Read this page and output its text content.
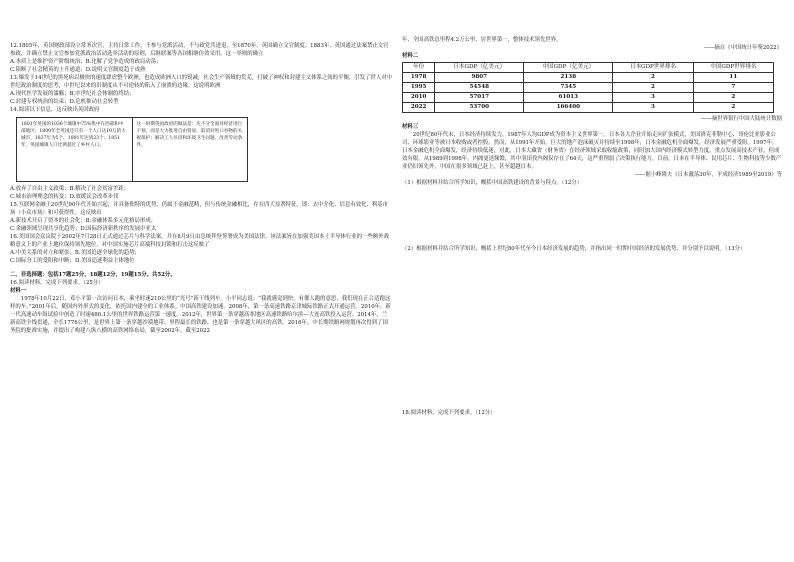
12.1805年，英国财政部设立常务次官，主持日常工作，不参与党派活动，不与政党共进退。至1870年，英国确立文官制度；1883年，英国通过法案禁止文官参政，并确立禁止文官参加党派政治活动选举活动的原则，后继联案等各国相继仿效采用。这一举则的确立

A.本质上是维护资产阶级统治；B.化解了党争造成的政局动荡；

C.阻断了社会精英的上升通道；D.说明文官制度趋于成熟

13.爆发于14世纪的黑死病以极快的速度肆虐整个欧洲，也造成欧洲人口的锐减，社会生产领域的荒芜，打破了神权和封建主义体系之间的平衡，引发了世人对中世纪政治制度的思考，中世纪以来的旧制度从不可逆转的陷入了崩溃的边缘。这说明欧洲

A.现代医学发展的滥觞；B.中世纪社会体制的终结；

C.封建专权统治的结束；D.危机推动社会转型

14.阅读以下信息，这反映出英国政府

1801年英国的1036个城镇中75%集中在西部和中部地区；1800年全英国还只有一个人口达10万的大城市，1837年为5个，1891年达到23个；1851年，英国城镇人口比例超过了乡村人口。
这一时期英国政府的做法是：先不分全面对经济进行干预，而是大力推进自由贸易，取消对进口谷物的关税保护；解决工人住房和环境卫生问题，改善劳动条件。

A.放弃了自由主义政策；B.解决了社会贫富差距；

C.城市治理理念的转变；D.放缓议会改革步伐

15.互联网金融于20世纪90年代开始兴起，并具备独特的优势，仍属于金融范畴，但与传统金融相比，存在四大显著特征，即：去中介化、信息有效化、利基市场（小众市场）和可获得性。这反映出

A.新技术开启了资本的社会化；B.金融体系多元化格局形成；

C.金融领域呈现共享化趋势；D.国际经济新秩序的发展中亚太

16.美国国会众议院于2002年7月28日正式通过芯片与科学法案，并在8月9日由总统拜登签署成为美国法律。该法案旨在加强美国本土半导体行业的一些额外战略意义上的产业上地位保持领先地位，对中国实施芯片高端科技封锁和打击这反映了

A.中美关系的对立和紧张；B.美国追逐全球化的趋势；

C.国际分工的受阻和中断；D.美国追逐利益主体地位

二、非选择题：包括17题25分，18题12分，19题15分。共52分。

16.阅读材料，完成下列要求。（25分）

材料一

1978年10月22日，邓小平第一次访问日本，乘坐时速210公里的“光号”新干线列车。小平同志说：“我就感觉到快，有催人跑的意思，我们现在正合适跑这样的车。”2001年后，随国内外形式的变化，依托国内建全的工业体系。中国高铁建设加速。2008年，第一条高速铁路京津城际铁路正式开通运营。2010年，新一代高速动车组试验中创造了时速486.1公里的世界铁路运营第一速度。2012年，世界第一条穿越高寒地区高速铁路哈尔滨—大连高铁投入运营。2014年，兰新高铁全线贯通，全长1776公里，是世界上第一条穿越沙漠地带、里程最长的铁路，也是第一条穿越大风区的高铁。2016年，中长期铁路网规划再次得到了国务院的批准实施，并提出了构建八纵八横的高铁网络布局，截至2002年，截至2022

年，全国高铁总里程4.2万公里，居世界第一，整体技术领先世界。

——摘自《中国统计年鉴2022》

材料二

年份	日本GDP（亿美元）	中国GDP（亿美元）	日本GDP世界排名	中国GDP世界排名
1978	9807	2138	2	11
1995	54548	7345	2	7
2010	57017	61013	3	2
2022	53700	166400	3	2

——摘世界银行中国大陆统计数据

材料三

20世纪80年代末，日本经济持续发力，1987年人均GDP成为资本主义世界第一。日本各大企业开始走向扩张模式，美国洛克菲勒中心、哥伦比亚影业公司、环球影业等被日本收购或者控股。然而，从1991年开始，巨大的地产泡沫破灭并持续至1998年，日本金融危机全面爆发，经济发展严重受阻。1997年，日本金融危机全面爆发，经济持续低迷，对此，日本大藏省（财务省）在经济领域采取收缩政策，同时加大国内经济模式转型力度，重点发展高技术产业，但成效有限。从1989到1998年，内阁更迭频繁，其中羽田孜内阁仅存在了64天，这严重削弱了决策执行能力。目前，日本在半导体、民用芯片、生物科技等少数产业仍旧领先外，中国在很多领域已赶上，甚至超越日本。

——据小峰隆夫《日本激荡30年，平成经济1989至2019》等

（1）根据材料并结合所学知识，概括中国高铁建设的背景与特点。（12分）

（2）根据材料并结合所学知识，概括上世纪80年代至今日本经济发展的趋势，并指出同一时期中国经济的发展优势，并分别予以说明。（13分）

18.阅读材料，完成下列要求。（12分）
